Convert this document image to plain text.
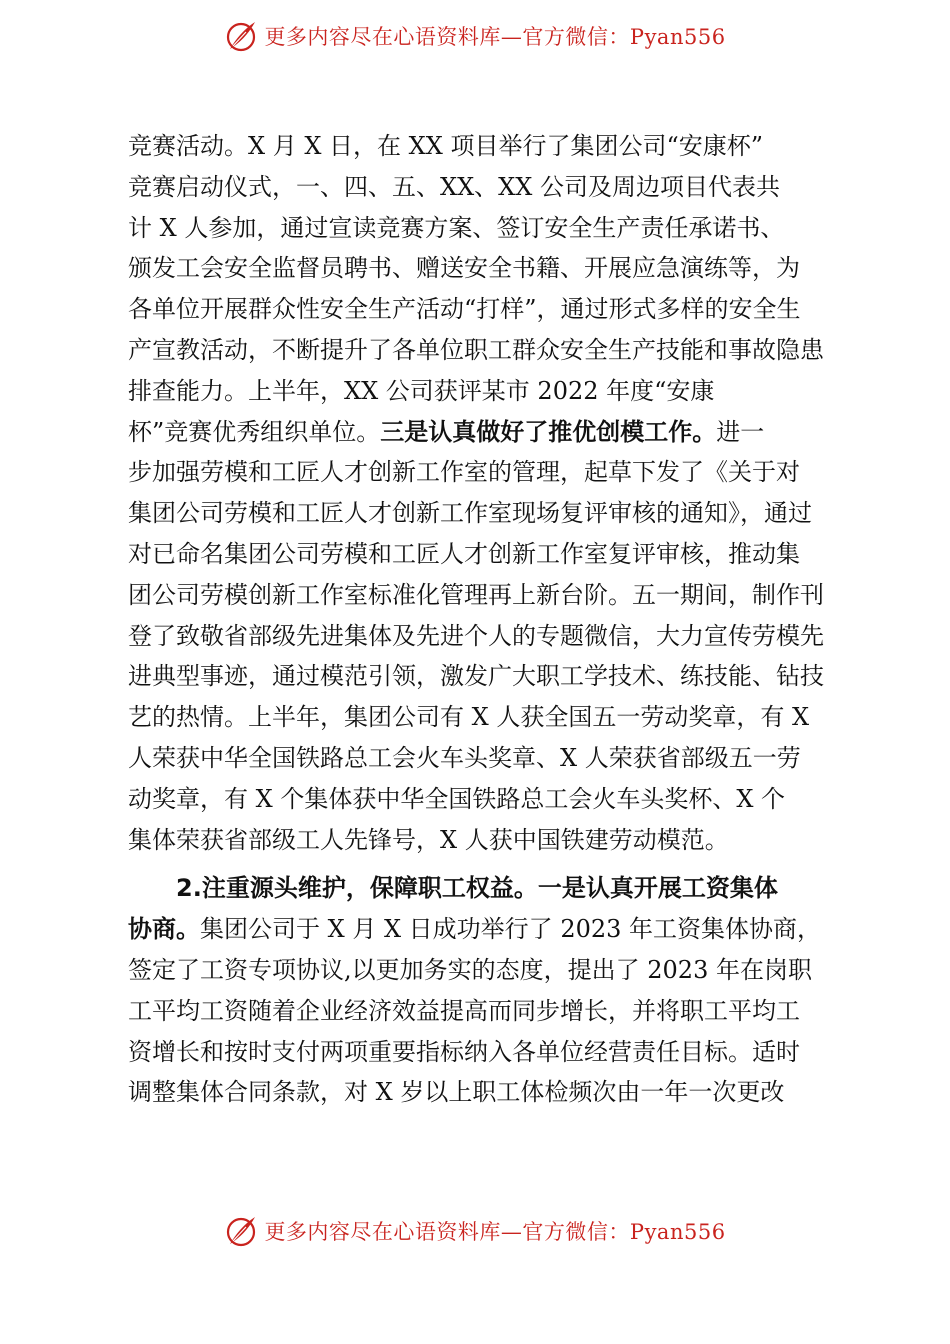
更多内容尽在心语资料库—官方微信：Pyan556
竞赛活动。X 月 X 日，在 XX 项目举行了集团公司“安康杯”
竞赛启动仪式，一、四、五、XX、XX 公司及周边项目代表共
计 X 人参加，通过宣读竞赛方案、签订安全生产责任承诺书、
颁发工会安全监督员聘书、赠送安全书籍、开展应急演练等，为
各单位开展群众性安全生产活动“打样”，通过形式多样的安全生
产宣教活动，不断提升了各单位职工群众安全生产技能和事故隐患
排查能力。上半年，XX 公司获评某市 2022 年度“安康
杯”竞赛优秀组织单位。三是认真做好了推优创模工作。进一
步加强劳模和工匠人才创新工作室的管理，起草下发了《关于对
集团公司劳模和工匠人才创新工作室现场复评审核的通知》，通过
对已命名集团公司劳模和工匠人才创新工作室复评审核，推动集
团公司劳模创新工作室标准化管理再上新台阶。五一期间，制作刊
登了致敬省部级先进集体及先进个人的专题微信，大力宣传劳模先
进典型事迹，通过模范引领，激发广大职工学技术、练技能、钻技
艺的热情。上半年，集团公司有 X 人获全国五一劳动奖章，有 X
人荣获中华全国铁路总工会火车头奖章、X 人荣获省部级五一劳
动奖章，有 X 个集体获中华全国铁路总工会火车头奖杯、X 个
集体荣获省部级工人先锋号，X 人获中国铁建劳动模范。
2.注重源头维护，保障职工权益。一是认真开展工资集体
协商。集团公司于 X 月 X 日成功举行了 2023 年工资集体协商，
签定了工资专项协议,以更加务实的态度，提出了 2023 年在岗职
工平均工资随着企业经济效益提高而同步增长，并将职工平均工
资增长和按时支付两项重要指标纳入各单位经营责任目标。适时
调整集体合同条款，对 X 岁以上职工体检频次由一年一次更改
更多内容尽在心语资料库—官方微信：Pyan556
